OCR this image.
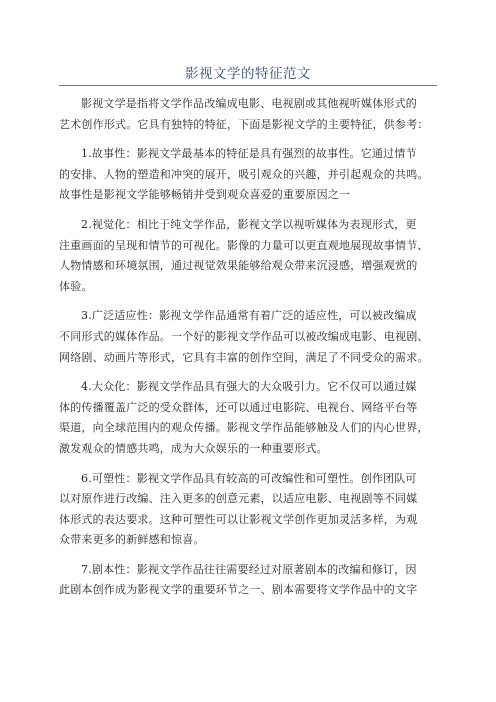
影视文学的特征范文

影视文学是指将文学作品改编成电影、电视剧或其他视听媒体形式的
艺术创作形式。它具有独特的特征，下面是影视文学的主要特征，供参考：

1.故事性：影视文学最基本的特征是具有强烈的故事性。它通过情节
的安排、人物的塑造和冲突的展开，吸引观众的兴趣，并引起观众的共鸣。
故事性是影视文学能够畅销并受到观众喜爱的重要原因之一

2.视觉化：相比于纯文学作品，影视文学以视听媒体为表现形式，更
注重画面的呈现和情节的可视化。影像的力量可以更直观地展现故事情节、
人物情感和环境氛围，通过视觉效果能够给观众带来沉浸感，增强观赏的
体验。

3.广泛适应性：影视文学作品通常有着广泛的适应性，可以被改编成
不同形式的媒体作品。一个好的影视文学作品可以被改编成电影、电视剧、
网络剧、动画片等形式，它具有丰富的创作空间，满足了不同受众的需求。

4.大众化：影视文学作品具有强大的大众吸引力。它不仅可以通过媒
体的传播覆盖广泛的受众群体，还可以通过电影院、电视台、网络平台等
渠道，向全球范围内的观众传播。影视文学作品能够触及人们的内心世界，
激发观众的情感共鸣，成为大众娱乐的一种重要形式。

6.可塑性：影视文学作品具有较高的可改编性和可塑性。创作团队可
以对原作进行改编、注入更多的创意元素，以适应电影、电视剧等不同媒
体形式的表达要求。这种可塑性可以让影视文学创作更加灵活多样，为观
众带来更多的新鲜感和惊喜。

7.剧本性：影视文学作品往往需要经过对原著剧本的改编和修订，因
此剧本创作成为影视文学的重要环节之一、剧本需要将文学作品中的文字
